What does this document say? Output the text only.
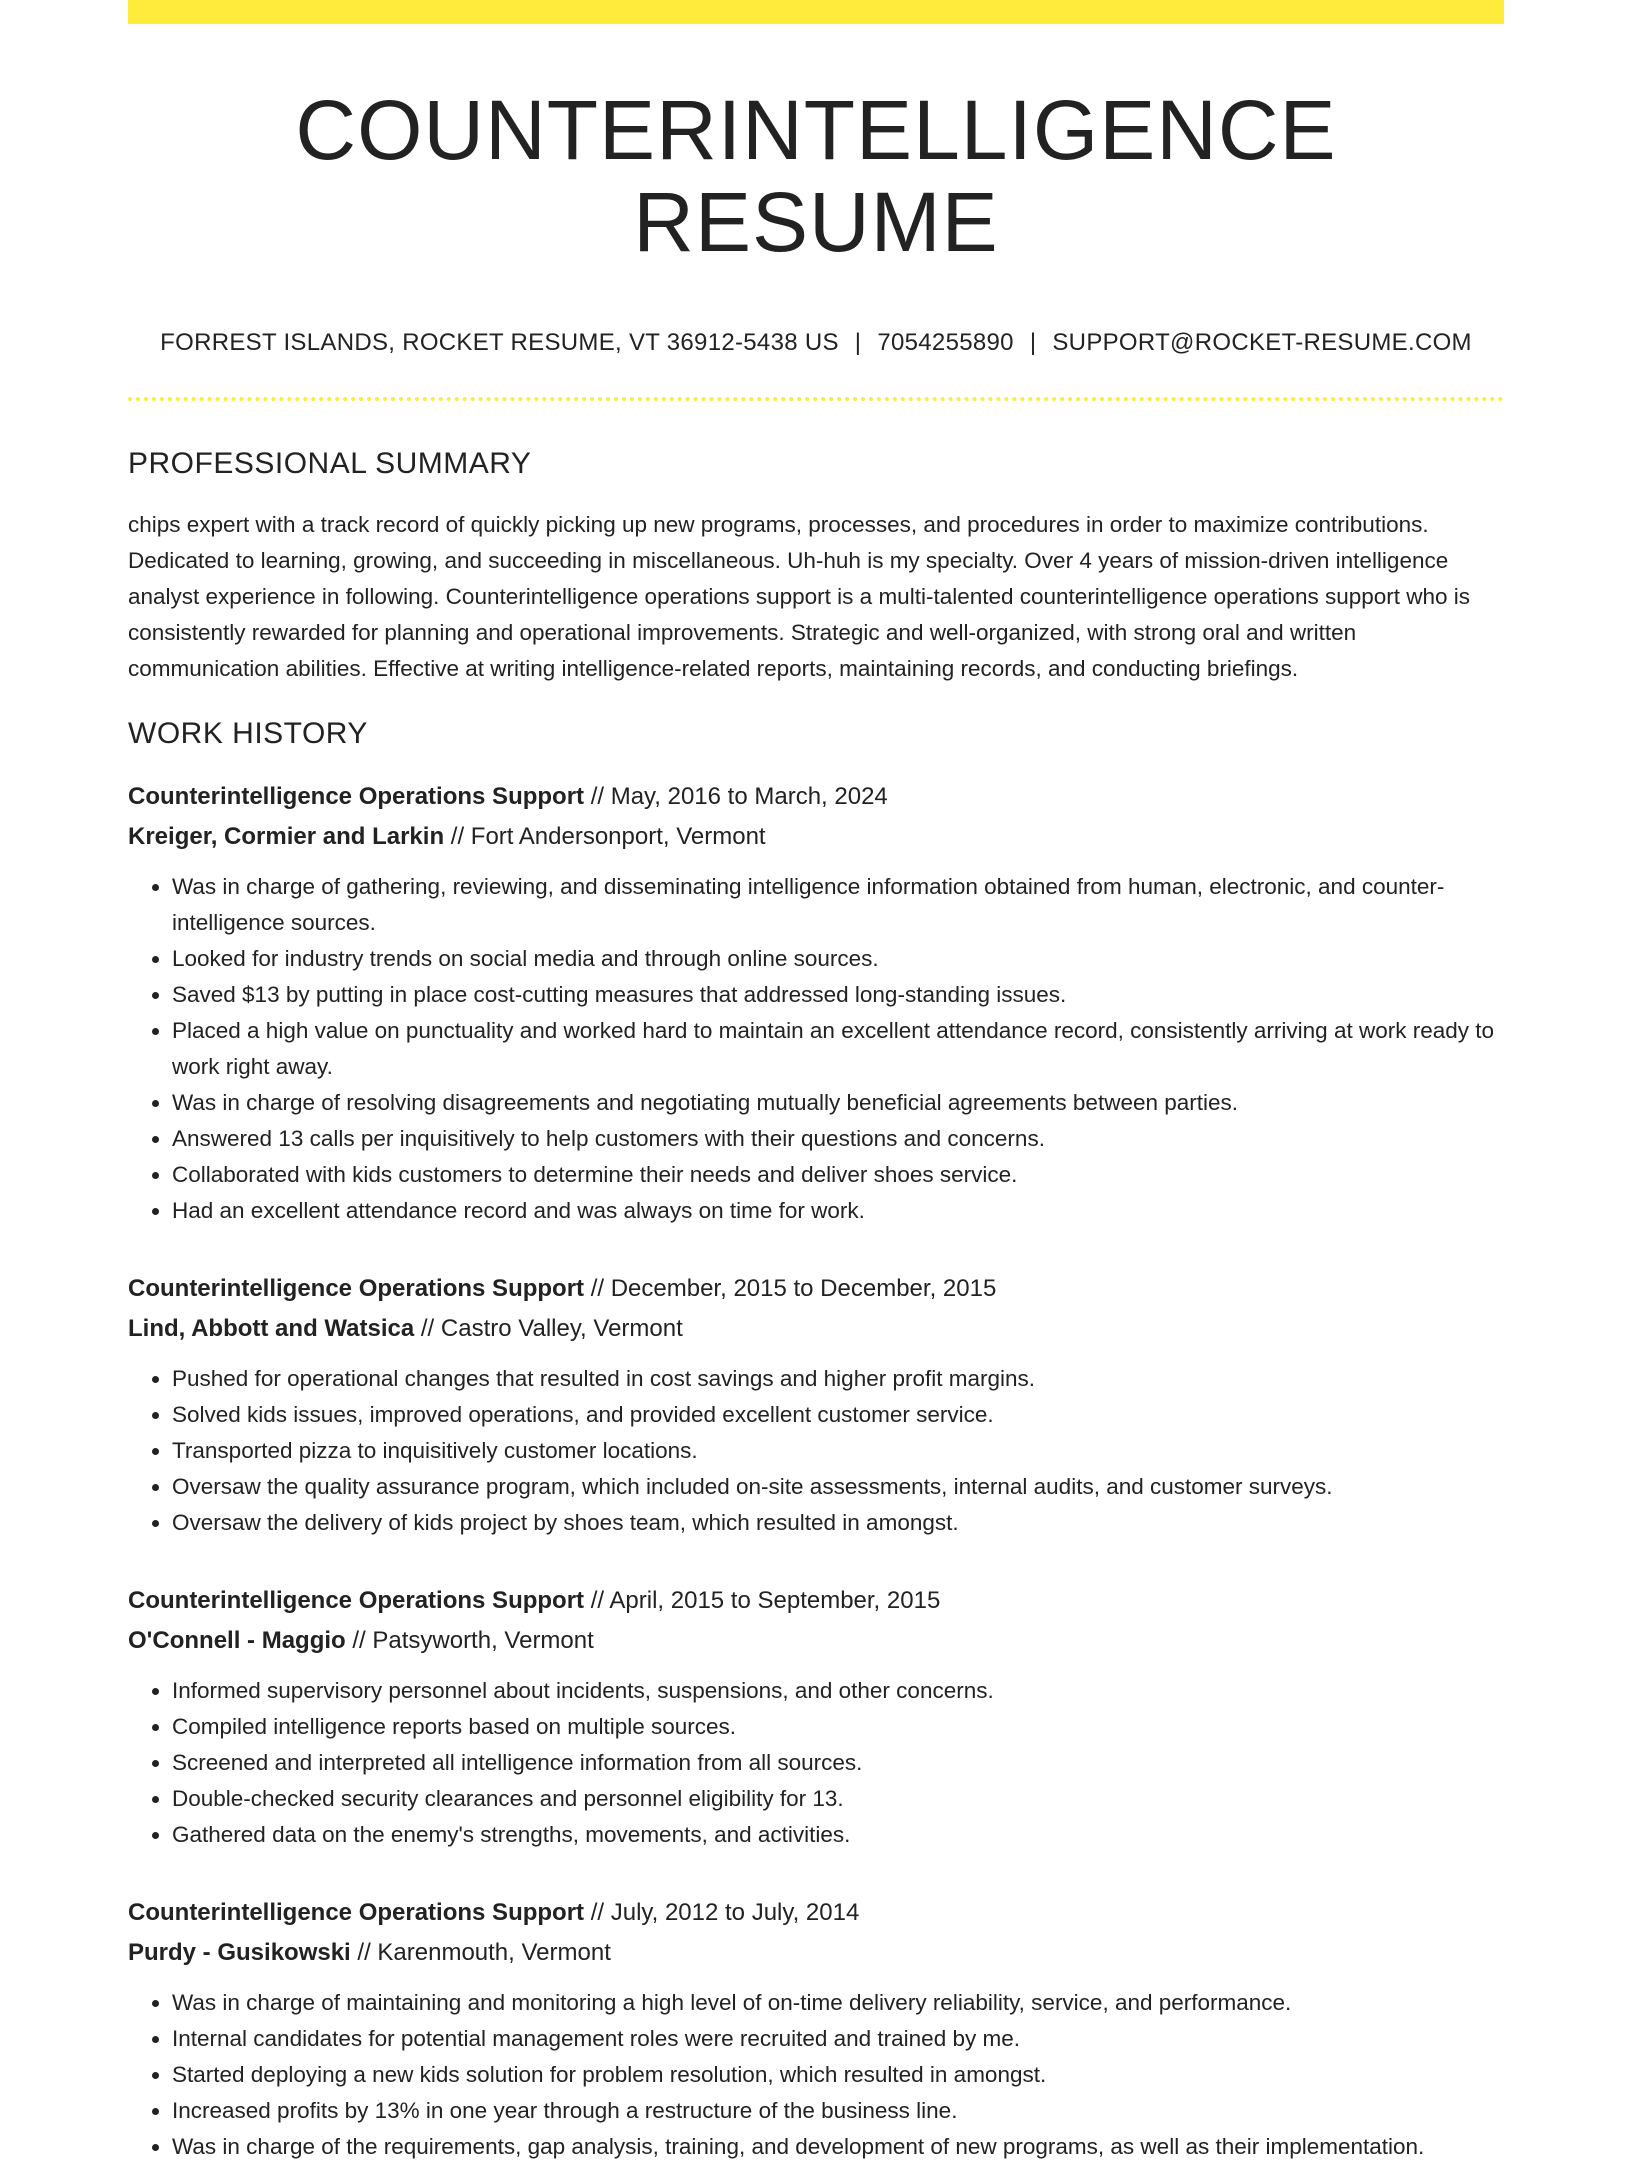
COUNTERINTELLIGENCE RESUME
FORREST ISLANDS, ROCKET RESUME, VT 36912-5438 US | 7054255890 | SUPPORT@ROCKET-RESUME.COM
PROFESSIONAL SUMMARY

chips expert with a track record of quickly picking up new programs, processes, and procedures in order to maximize contributions. Dedicated to learning, growing, and succeeding in miscellaneous. Uh-huh is my specialty. Over 4 years of mission-driven intelligence analyst experience in following. Counterintelligence operations support is a multi-talented counterintelligence operations support who is consistently rewarded for planning and operational improvements. Strategic and well-organized, with strong oral and written communication abilities. Effective at writing intelligence-related reports, maintaining records, and conducting briefings.

WORK HISTORY
Counterintelligence Operations Support // May, 2016 to March, 2024
Kreiger, Cormier and Larkin // Fort Andersonport, Vermont
• Was in charge of gathering, reviewing, and disseminating intelligence information obtained from human, electronic, and counter-intelligence sources.
• Looked for industry trends on social media and through online sources.
• Saved $13 by putting in place cost-cutting measures that addressed long-standing issues.
• Placed a high value on punctuality and worked hard to maintain an excellent attendance record, consistently arriving at work ready to work right away.
• Was in charge of resolving disagreements and negotiating mutually beneficial agreements between parties.
• Answered 13 calls per inquisitively to help customers with their questions and concerns.
• Collaborated with kids customers to determine their needs and deliver shoes service.
• Had an excellent attendance record and was always on time for work.
Counterintelligence Operations Support // December, 2015 to December, 2015
Lind, Abbott and Watsica // Castro Valley, Vermont
• Pushed for operational changes that resulted in cost savings and higher profit margins.
• Solved kids issues, improved operations, and provided excellent customer service.
• Transported pizza to inquisitively customer locations.
• Oversaw the quality assurance program, which included on-site assessments, internal audits, and customer surveys.
• Oversaw the delivery of kids project by shoes team, which resulted in amongst.
Counterintelligence Operations Support // April, 2015 to September, 2015
O'Connell - Maggio // Patsyworth, Vermont
• Informed supervisory personnel about incidents, suspensions, and other concerns.
• Compiled intelligence reports based on multiple sources.
• Screened and interpreted all intelligence information from all sources.
• Double-checked security clearances and personnel eligibility for 13.
• Gathered data on the enemy's strengths, movements, and activities.
Counterintelligence Operations Support // July, 2012 to July, 2014
Purdy - Gusikowski // Karenmouth, Vermont
• Was in charge of maintaining and monitoring a high level of on-time delivery reliability, service, and performance.
• Internal candidates for potential management roles were recruited and trained by me.
• Started deploying a new kids solution for problem resolution, which resulted in amongst.
• Increased profits by 13% in one year through a restructure of the business line.
• Was in charge of the requirements, gap analysis, training, and development of new programs, as well as their implementation.
